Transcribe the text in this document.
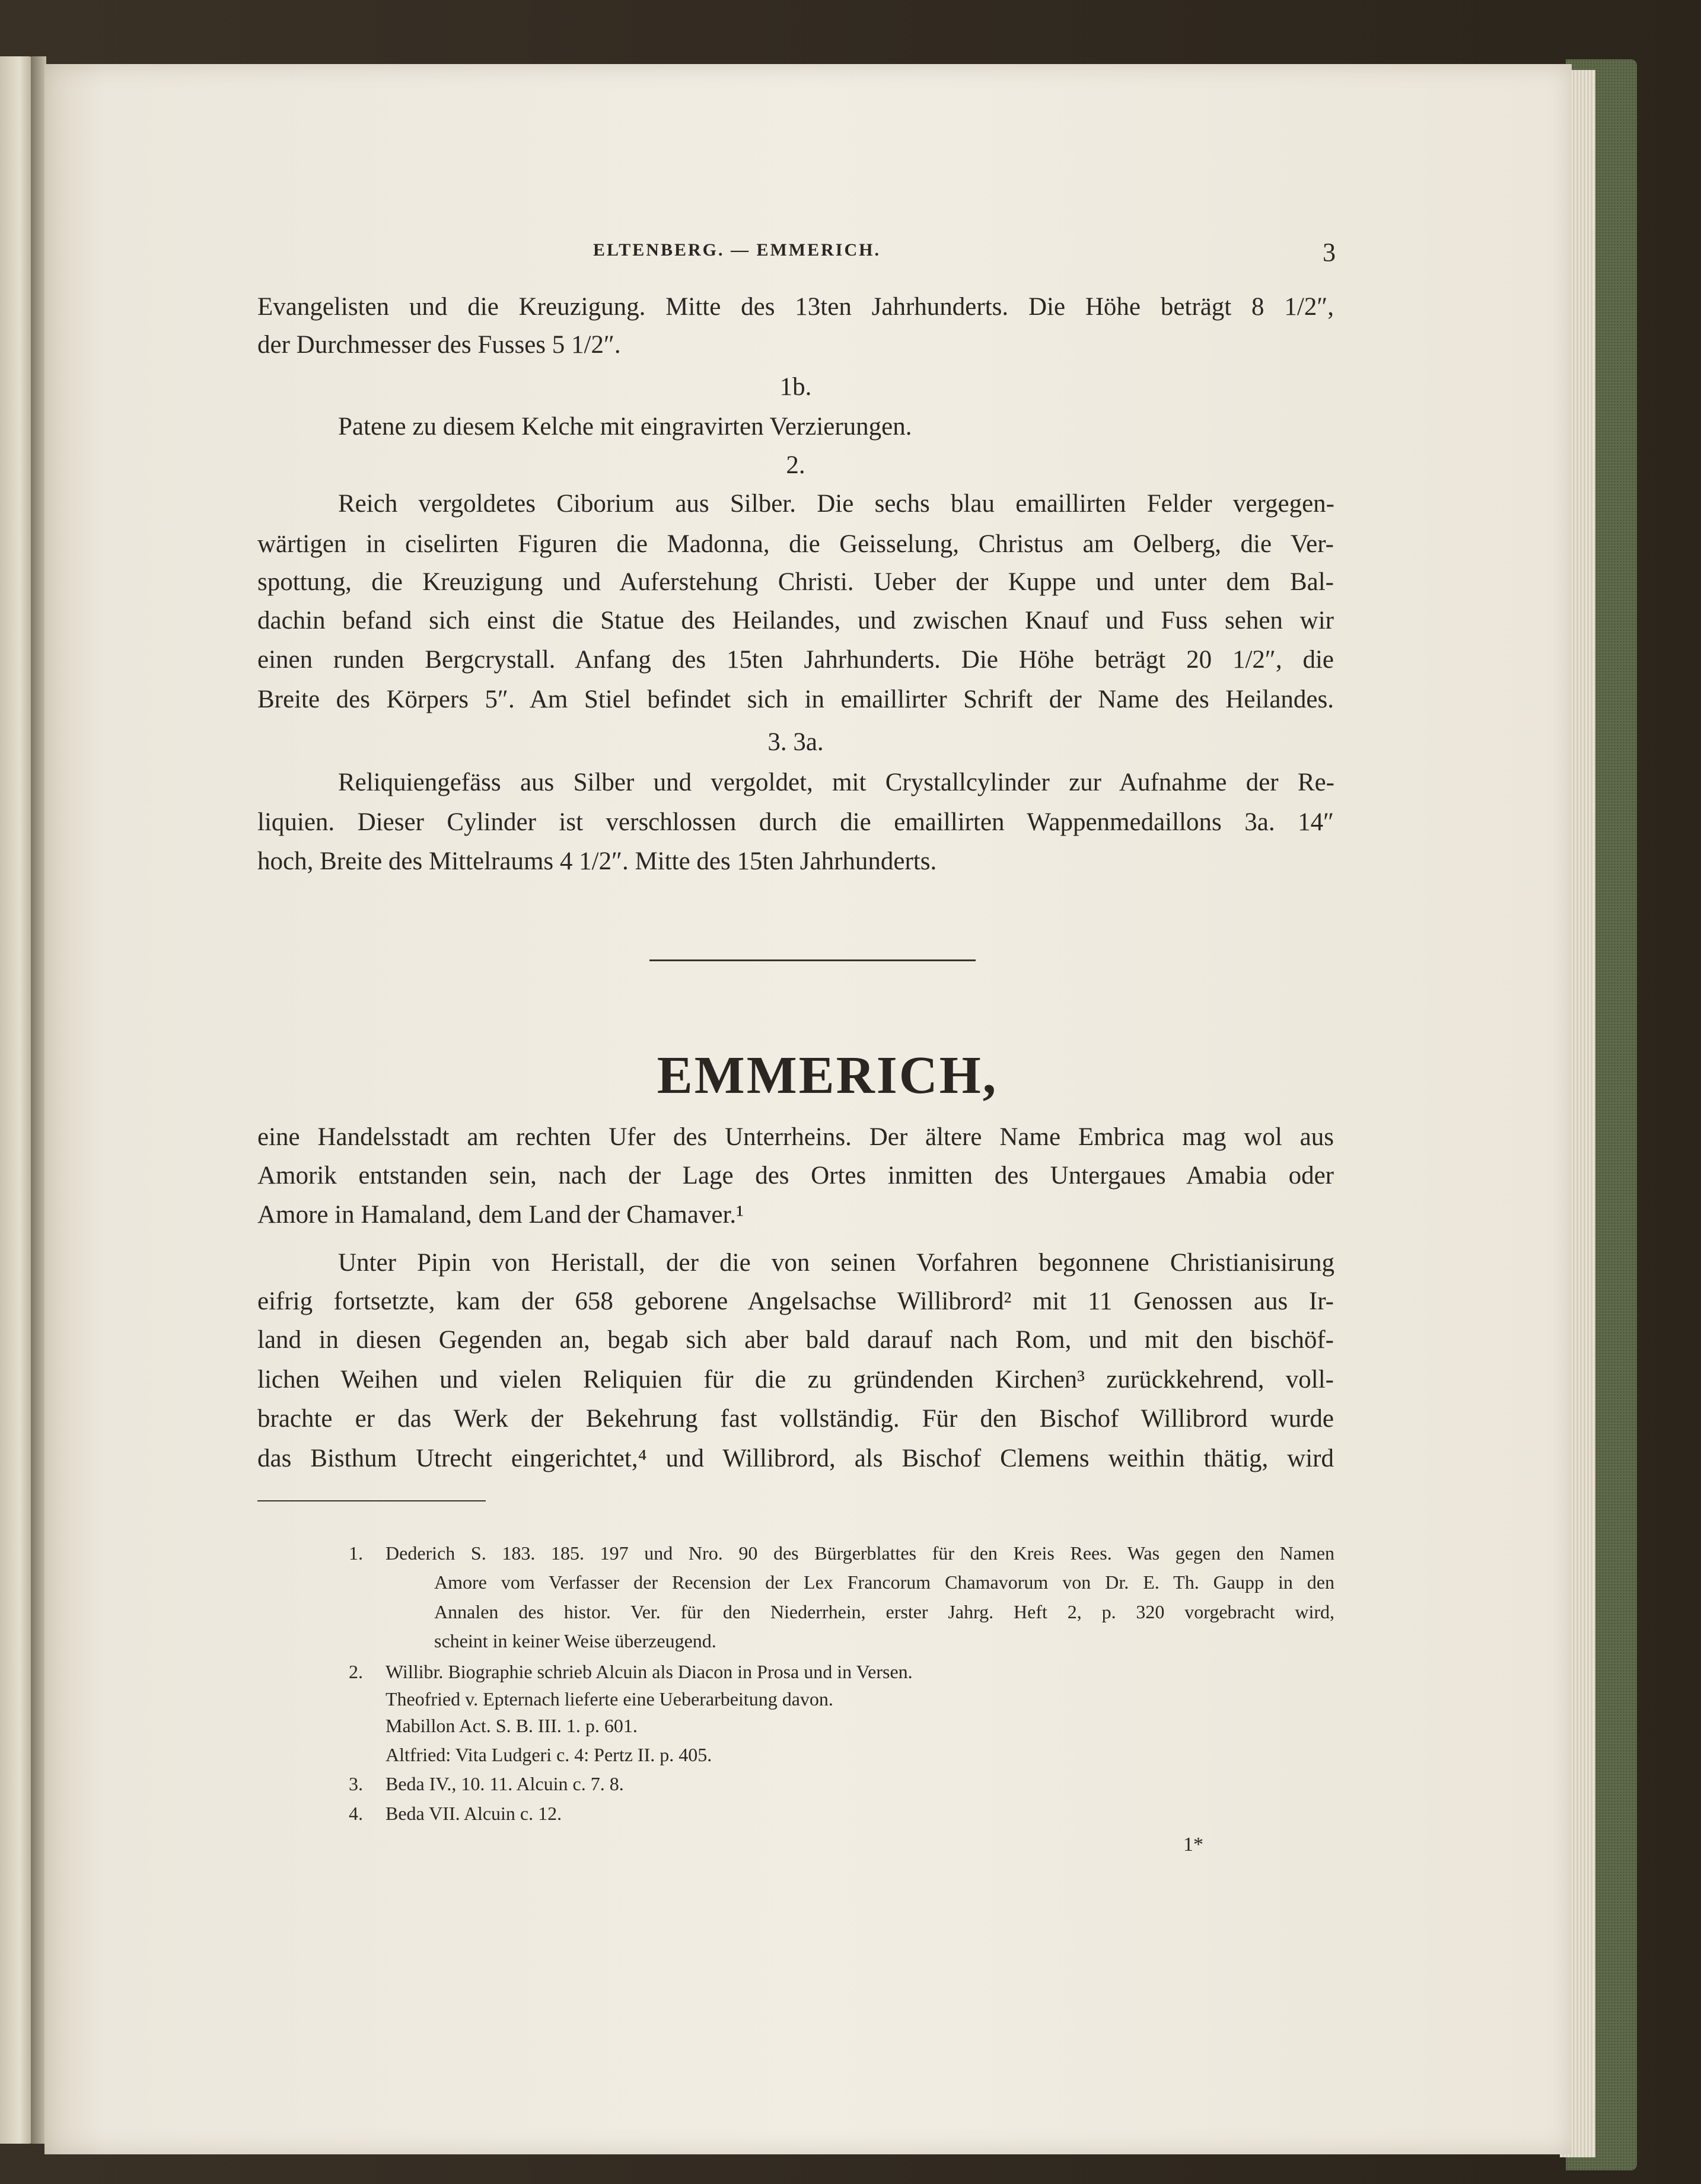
ELTENBERG. — EMMERICH.	3
Evangelisten und die Kreuzigung. Mitte des 13ten Jahrhunderts. Die Höhe beträgt 8 1/2″,
der Durchmesser des Fusses 5 1/2″.
1b.
Patene zu diesem Kelche mit eingravirten Verzierungen.
2.
Reich vergoldetes Ciborium aus Silber. Die sechs blau emaillirten Felder vergegen-
wärtigen in ciselirten Figuren die Madonna, die Geisselung, Christus am Oelberg, die Ver-
spottung, die Kreuzigung und Auferstehung Christi. Ueber der Kuppe und unter dem Bal-
dachin befand sich einst die Statue des Heilandes, und zwischen Knauf und Fuss sehen wir
einen runden Bergcrystall. Anfang des 15ten Jahrhunderts. Die Höhe beträgt 20 1/2″, die
Breite des Körpers 5″. Am Stiel befindet sich in emaillirter Schrift der Name des Heilandes.
3. 3a.
Reliquiengefäss aus Silber und vergoldet, mit Crystallcylinder zur Aufnahme der Re-
liquien. Dieser Cylinder ist verschlossen durch die emaillirten Wappenmedaillons 3a. 14″
hoch, Breite des Mittelraums 4 1/2″. Mitte des 15ten Jahrhunderts.
EMMERICH,
eine Handelsstadt am rechten Ufer des Unterrheins. Der ältere Name Embrica mag wol aus
Amorik entstanden sein, nach der Lage des Ortes inmitten des Untergaues Amabia oder
Amore in Hamaland, dem Land der Chamaver.¹
Unter Pipin von Heristall, der die von seinen Vorfahren begonnene Christianisirung
eifrig fortsetzte, kam der 658 geborene Angelsachse Willibrord² mit 11 Genossen aus Ir-
land in diesen Gegenden an, begab sich aber bald darauf nach Rom, und mit den bischöf-
lichen Weihen und vielen Reliquien für die zu gründenden Kirchen³ zurückkehrend, voll-
brachte er das Werk der Bekehrung fast vollständig. Für den Bischof Willibrord wurde
das Bisthum Utrecht eingerichtet,⁴ und Willibrord, als Bischof Clemens weithin thätig, wird
1. Dederich S. 183. 185. 197 und Nro. 90 des Bürgerblattes für den Kreis Rees. Was gegen den Namen
Amore vom Verfasser der Recension der Lex Francorum Chamavorum von Dr. E. Th. Gaupp in den
Annalen des histor. Ver. für den Niederrhein, erster Jahrg. Heft 2, p. 320 vorgebracht wird,
scheint in keiner Weise überzeugend.
2. Willibr. Biographie schrieb Alcuin als Diacon in Prosa und in Versen.
Theofried v. Epternach lieferte eine Ueberarbeitung davon.
Mabillon Act. S. B. III. 1. p. 601.
Altfried: Vita Ludgeri c. 4: Pertz II. p. 405.
3. Beda IV., 10. 11. Alcuin c. 7. 8.
4. Beda VII. Alcuin c. 12.
1*
